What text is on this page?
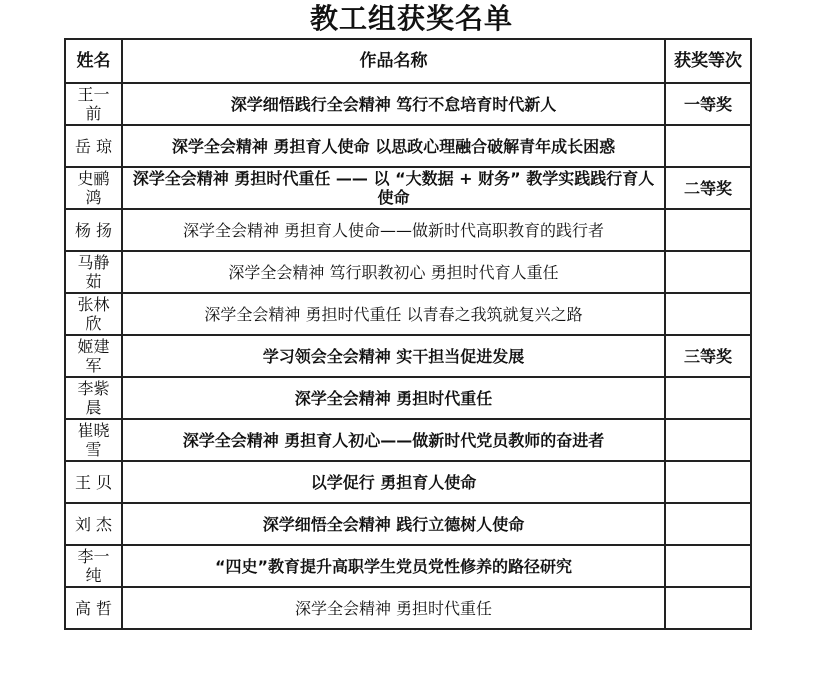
教工组获奖名单
姓名	作品名称	获奖等次
王一前	深学细悟践行全会精神 笃行不怠培育时代新人	一等奖
岳 琼	深学全会精神 勇担育人使命 以思政心理融合破解青年成长困惑	
史鹂鸿	深学全会精神 勇担时代重任 —— 以 “大数据 + 财务” 教学实践践行育人使命	二等奖
杨 扬	深学全会精神 勇担育人使命——做新时代高职教育的践行者	
马静茹	深学全会精神 笃行职教初心 勇担时代育人重任	
张林欣	深学全会精神 勇担时代重任 以青春之我筑就复兴之路	
姬建军	学习领会全会精神 实干担当促进发展	三等奖
李紫晨	深学全会精神 勇担时代重任	
崔晓雪	深学全会精神 勇担育人初心——做新时代党员教师的奋进者	
王 贝	以学促行 勇担育人使命	
刘 杰	深学细悟全会精神 践行立德树人使命	
李一纯	“四史”教育提升高职学生党员党性修养的路径研究	
高 哲	深学全会精神 勇担时代重任	
